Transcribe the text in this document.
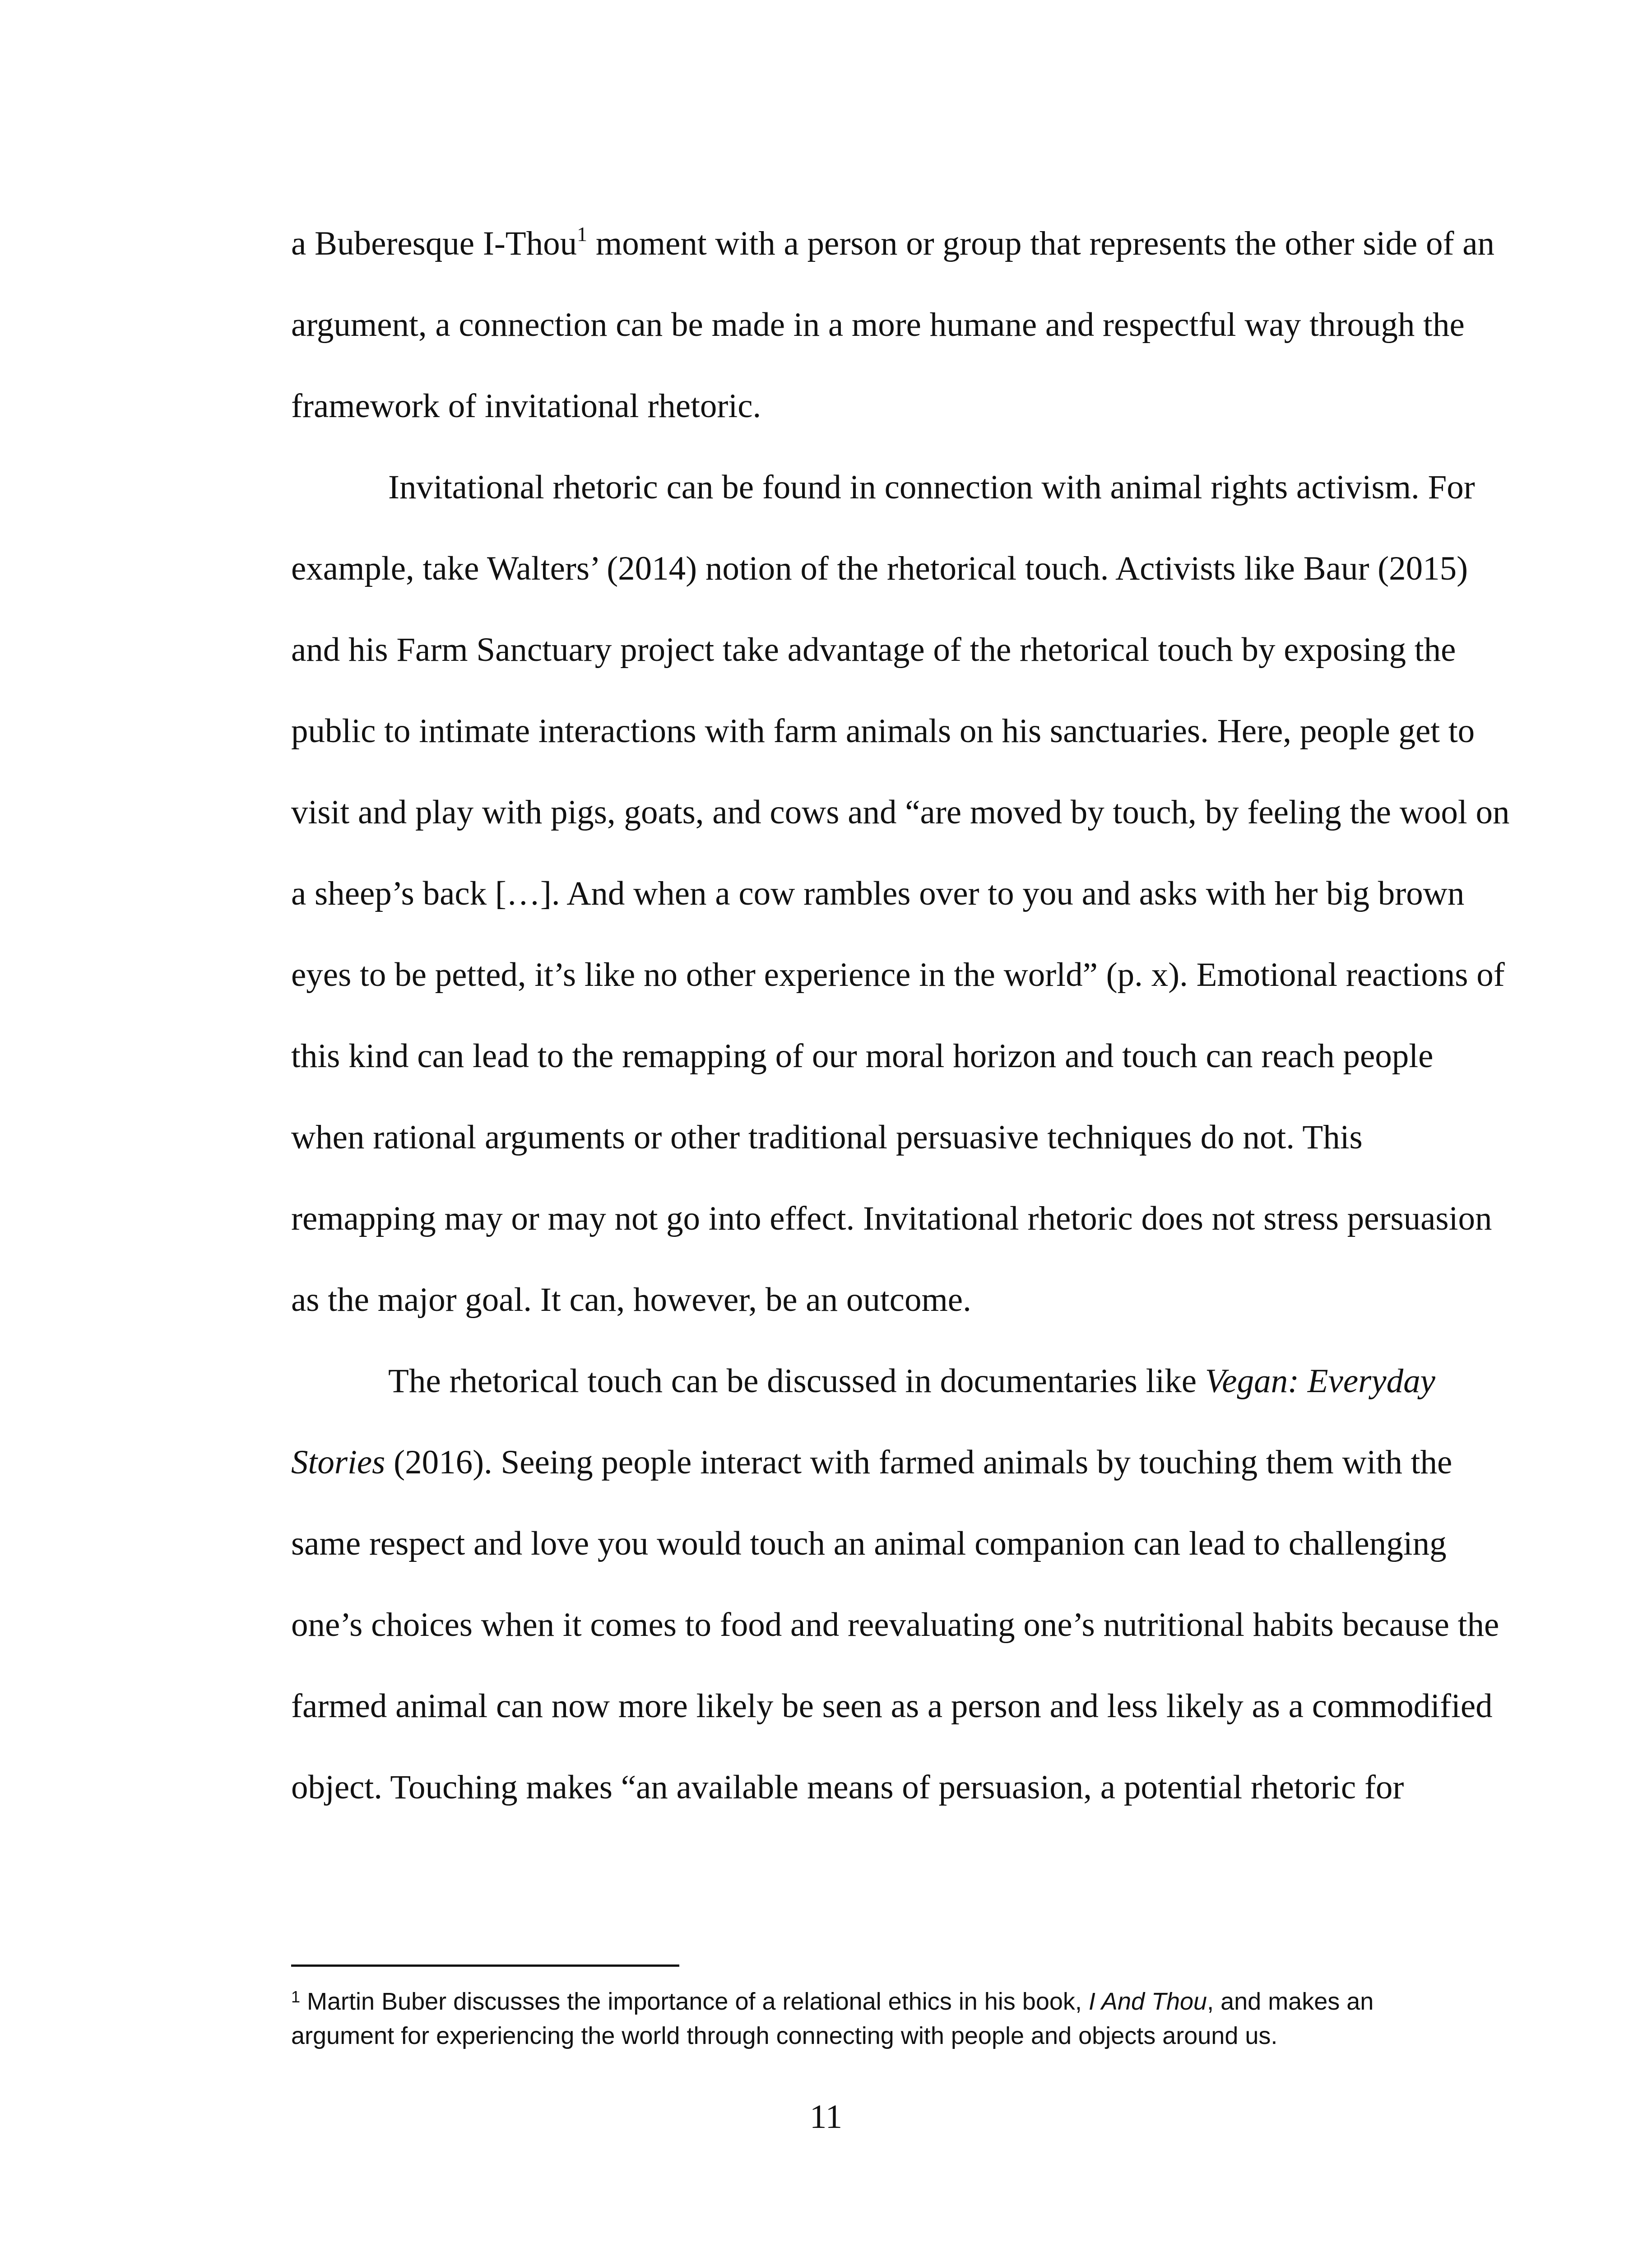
a Buberesque I-Thou$^1$ moment with a person or group that represents the other side of an
argument, a connection can be made in a more humane and respectful way through the
framework of invitational rhetoric.
Invitational rhetoric can be found in connection with animal rights activism. For
example, take Walters’ (2014) notion of the rhetorical touch. Activists like Baur (2015)
and his Farm Sanctuary project take advantage of the rhetorical touch by exposing the
public to intimate interactions with farm animals on his sanctuaries. Here, people get to
visit and play with pigs, goats, and cows and “are moved by touch, by feeling the wool on
a sheep’s back […]. And when a cow rambles over to you and asks with her big brown
eyes to be petted, it’s like no other experience in the world” (p. x). Emotional reactions of
this kind can lead to the remapping of our moral horizon and touch can reach people
when rational arguments or other traditional persuasive techniques do not. This
remapping may or may not go into effect. Invitational rhetoric does not stress persuasion
as the major goal. It can, however, be an outcome.
The rhetorical touch can be discussed in documentaries like Vegan: Everyday
Stories (2016). Seeing people interact with farmed animals by touching them with the
same respect and love you would touch an animal companion can lead to challenging
one’s choices when it comes to food and reevaluating one’s nutritional habits because the
farmed animal can now more likely be seen as a person and less likely as a commodified
object. Touching makes “an available means of persuasion, a potential rhetoric for
$^1$ Martin Buber discusses the importance of a relational ethics in his book, I And Thou, and makes an
argument for experiencing the world through connecting with people and objects around us.
11
